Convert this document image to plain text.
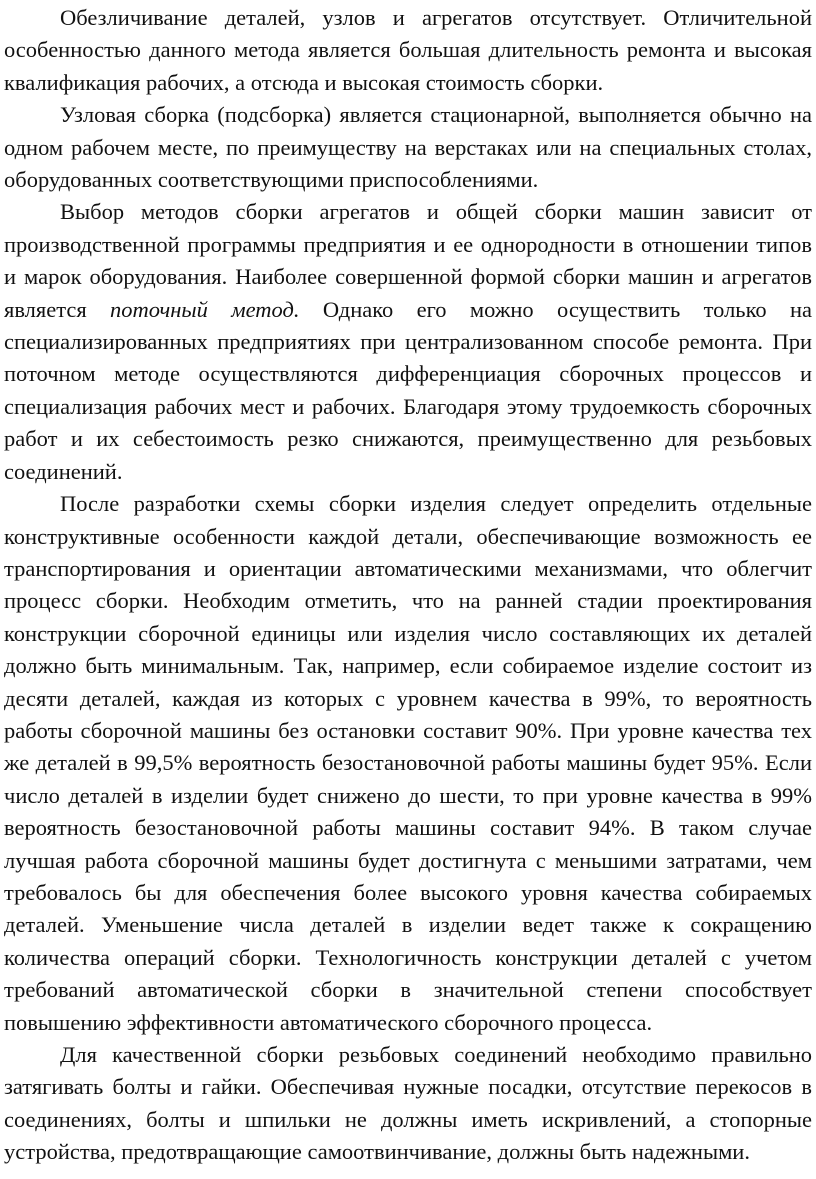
Обезличивание деталей, узлов и агрегатов отсутствует. Отличительной особенностью данного метода является большая длительность ремонта и высокая квалификация рабочих, а отсюда и высокая стоимость сборки.

Узловая сборка (подсборка) является стационарной, выполняется обычно на одном рабочем месте, по преимуществу на верстаках или на специальных столах, оборудованных соответствующими приспособлениями.

Выбор методов сборки агрегатов и общей сборки машин зависит от производственной программы предприятия и ее однородности в отношении типов и марок оборудования. Наиболее совершенной формой сборки машин и агрегатов является поточный метод. Однако его можно осуществить только на специализированных предприятиях при централизованном способе ремонта. При поточном методе осуществляются дифференциация сборочных процессов и специализация рабочих мест и рабочих. Благодаря этому трудоемкость сборочных работ и их себестоимость резко снижаются, преимущественно для резьбовых соединений.

После разработки схемы сборки изделия следует определить отдельные конструктивные особенности каждой детали, обеспечивающие возможность ее транспортирования и ориентации автоматическими механизмами, что облегчит процесс сборки. Необходим отметить, что на ранней стадии проектирования конструкции сборочной единицы или изделия число составляющих их деталей должно быть минимальным. Так, например, если собираемое изделие состоит из десяти деталей, каждая из которых с уровнем качества в 99%, то вероятность работы сборочной машины без остановки составит 90%. При уровне качества тех же деталей в 99,5% вероятность безостановочной работы машины будет 95%. Если число деталей в изделии будет снижено до шести, то при уровне качества в 99% вероятность безостановочной работы машины составит 94%. В таком случае лучшая работа сборочной машины будет достигнута с меньшими затратами, чем требовалось бы для обеспечения более высокого уровня качества собираемых деталей. Уменьшение числа деталей в изделии ведет также к сокращению количества операций сборки. Технологичность конструкции деталей с учетом требований автоматической сборки в значительной степени способствует повышению эффективности автоматического сборочного процесса.

Для качественной сборки резьбовых соединений необходимо правильно затягивать болты и гайки. Обеспечивая нужные посадки, отсутствие перекосов в соединениях, болты и шпильки не должны иметь искривлений, а стопорные устройства, предотвращающие самоотвинчивание, должны быть надежными.
